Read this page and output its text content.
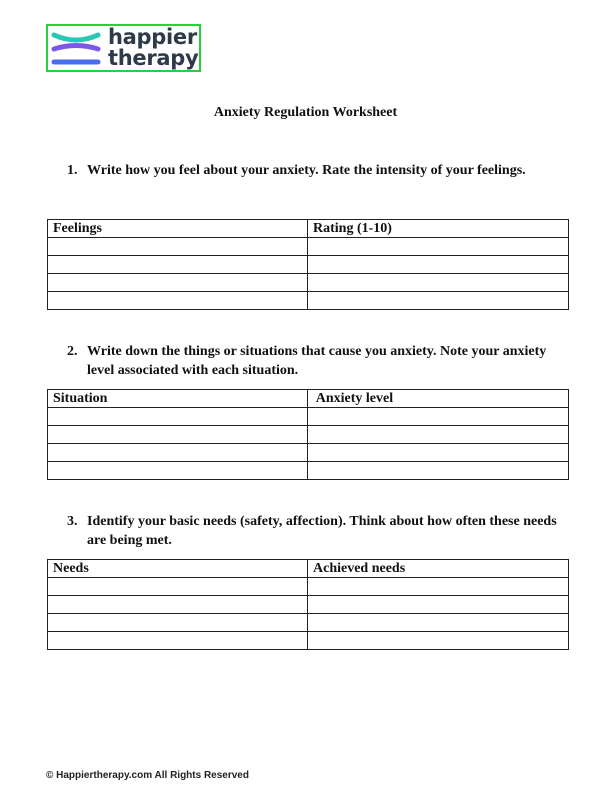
happier
therapy
Anxiety Regulation Worksheet
1. Write how you feel about your anxiety. Rate the intensity of your feelings.
Feelings	Rating (1-10)

2. Write down the things or situations that cause you anxiety. Note your anxiety level associated with each situation.
Situation	Anxiety level

3. Identify your basic needs (safety, affection). Think about how often these needs are being met.
Needs	Achieved needs

© Happiertherapy.com All Rights Reserved
